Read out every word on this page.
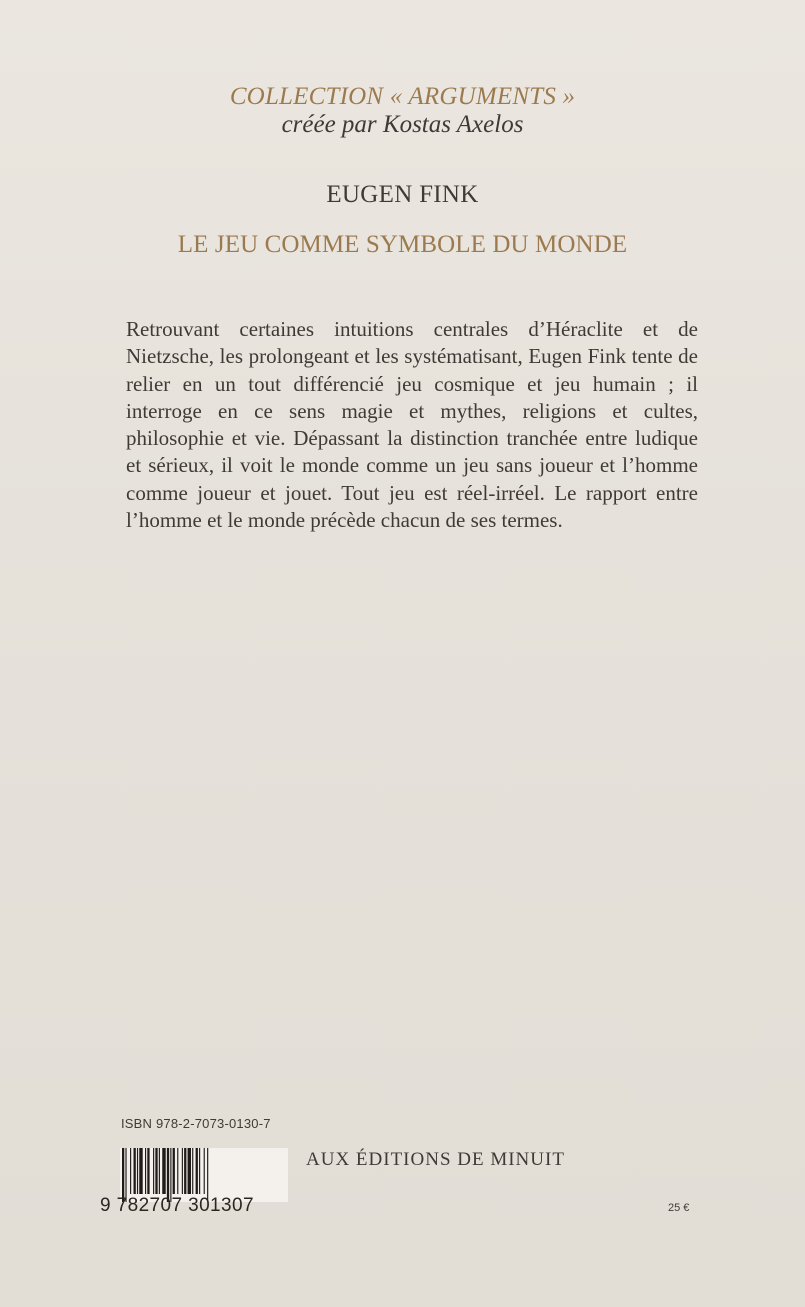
COLLECTION « ARGUMENTS »
créée par Kostas Axelos
EUGEN FINK
LE JEU COMME SYMBOLE DU MONDE

Retrouvant certaines intuitions centrales d’Héraclite et de Nietzsche, les prolongeant et les systématisant, Eugen Fink tente de relier en un tout différencié jeu cosmique et jeu humain ; il interroge en ce sens magie et mythes, religions et cultes, philosophie et vie. Dépassant la distinction tranchée entre ludique et sérieux, il voit le monde comme un jeu sans joueur et l’homme comme joueur et jouet. Tout jeu est réel-irréel. Le rapport entre l’homme et le monde précède chacun de ses termes.

ISBN 978-2-7073-0130-7
9 782707 301307
AUX ÉDITIONS DE MINUIT
25 €
